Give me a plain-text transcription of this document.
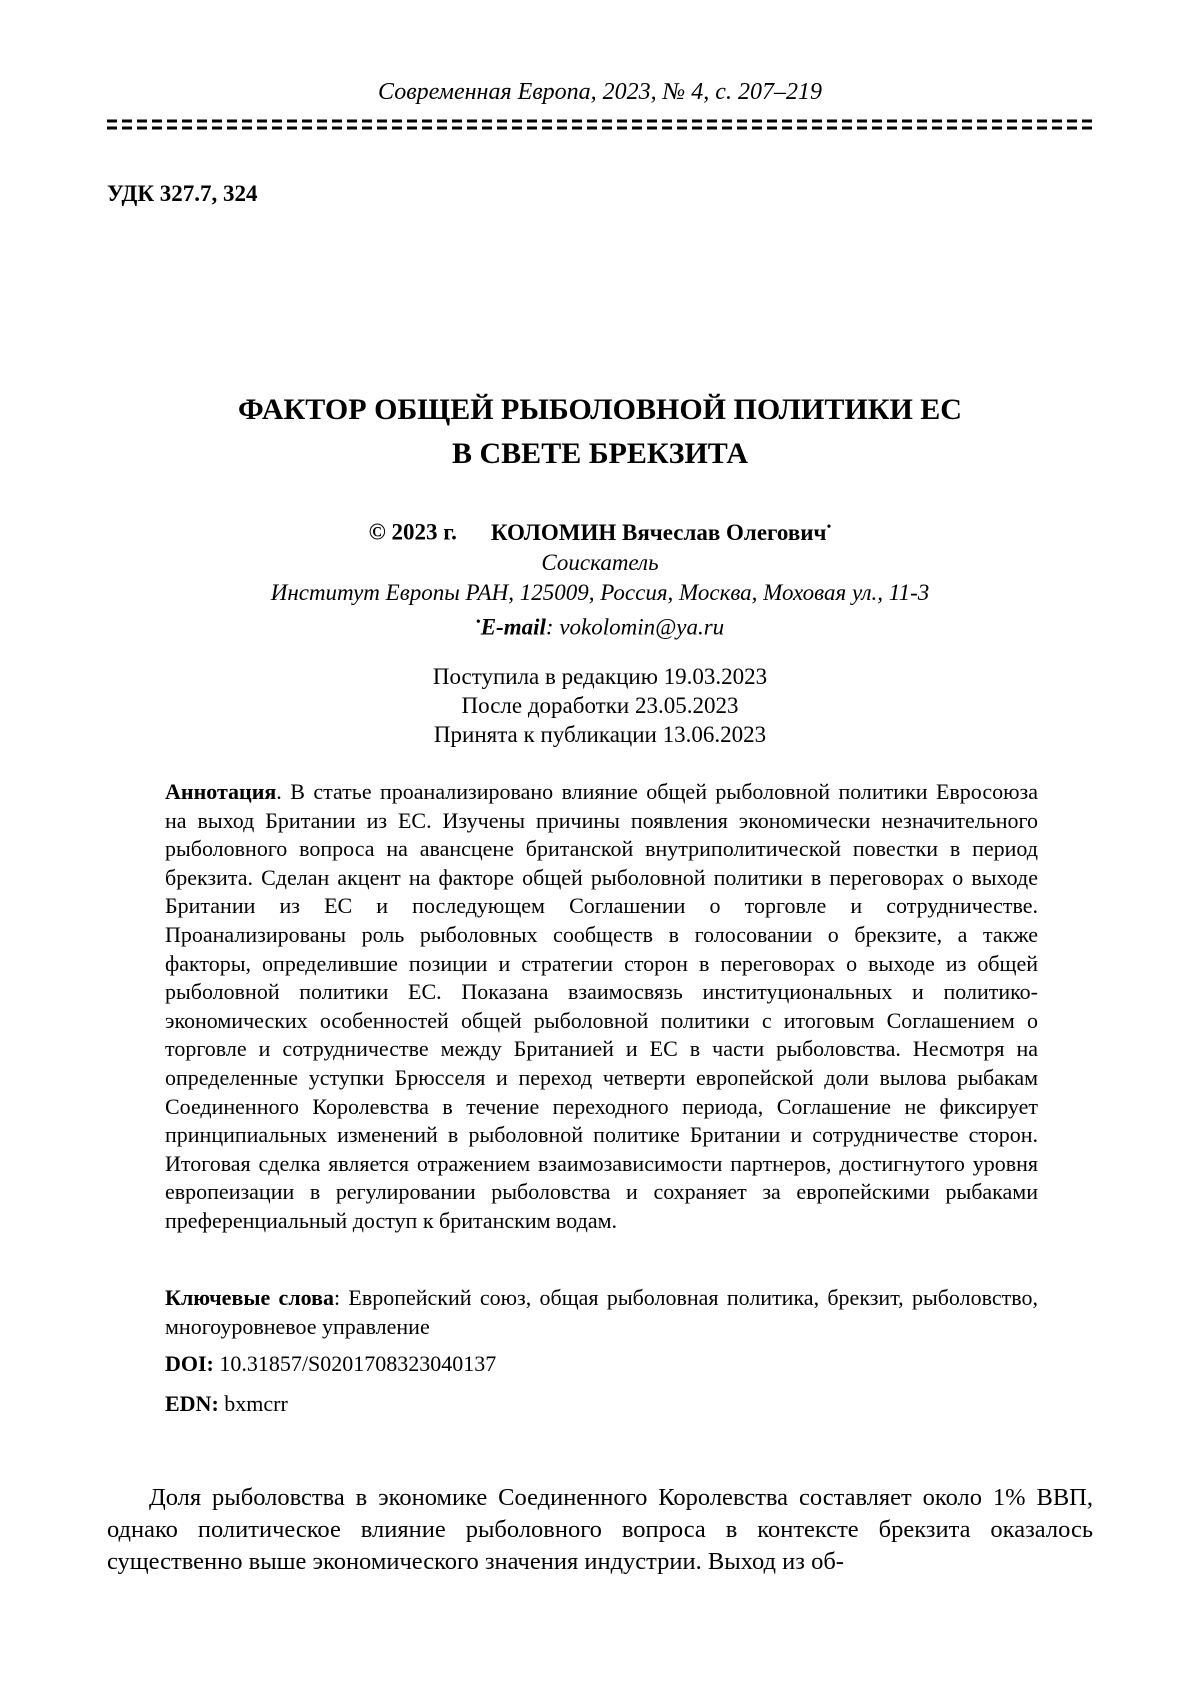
Современная Европа, 2023, № 4, с. 207–219
УДК 327.7, 324
ФАКТОР ОБЩЕЙ РЫБОЛОВНОЙ ПОЛИТИКИ ЕС
В СВЕТЕ БРЕКЗИТА
© 2023 г. КОЛОМИН Вячеслав Олегович•
Соискатель
Институт Европы РАН, 125009, Россия, Москва, Моховая ул., 11-3
•E-mail: vokolomin@ya.ru
Поступила в редакцию 19.03.2023
После доработки 23.05.2023
Принята к публикации 13.06.2023
Аннотация. В статье проанализировано влияние общей рыболовной политики Евросоюза на выход Британии из ЕС. Изучены причины появления экономически незначительного рыболовного вопроса на авансцене британской внутриполитической повестки в период брекзита. Сделан акцент на факторе общей рыболовной политики в переговорах о выходе Британии из ЕС и последующем Соглашении о торговле и сотрудничестве. Проанализированы роль рыболовных сообществ в голосовании о брекзите, а также факторы, определившие позиции и стратегии сторон в переговорах о выходе из общей рыболовной политики ЕС. Показана взаимосвязь институциональных и политико-экономических особенностей общей рыболовной политики с итоговым Соглашением о торговле и сотрудничестве между Британией и ЕС в части рыболовства. Несмотря на определенные уступки Брюсселя и переход четверти европейской доли вылова рыбакам Соединенного Королевства в течение переходного периода, Соглашение не фиксирует принципиальных изменений в рыболовной политике Британии и сотрудничестве сторон. Итоговая сделка является отражением взаимозависимости партнеров, достигнутого уровня европеизации в регулировании рыболовства и сохраняет за европейскими рыбаками преференциальный доступ к британским водам.
Ключевые слова: Европейский союз, общая рыболовная политика, брекзит, рыболовство, многоуровневое управление
DOI: 10.31857/S0201708323040137
EDN: bxmcrr
Доля рыболовства в экономике Соединенного Королевства составляет около 1% ВВП, однако политическое влияние рыболовного вопроса в контексте брекзита оказалось существенно выше экономического значения индустрии. Выход из об-
